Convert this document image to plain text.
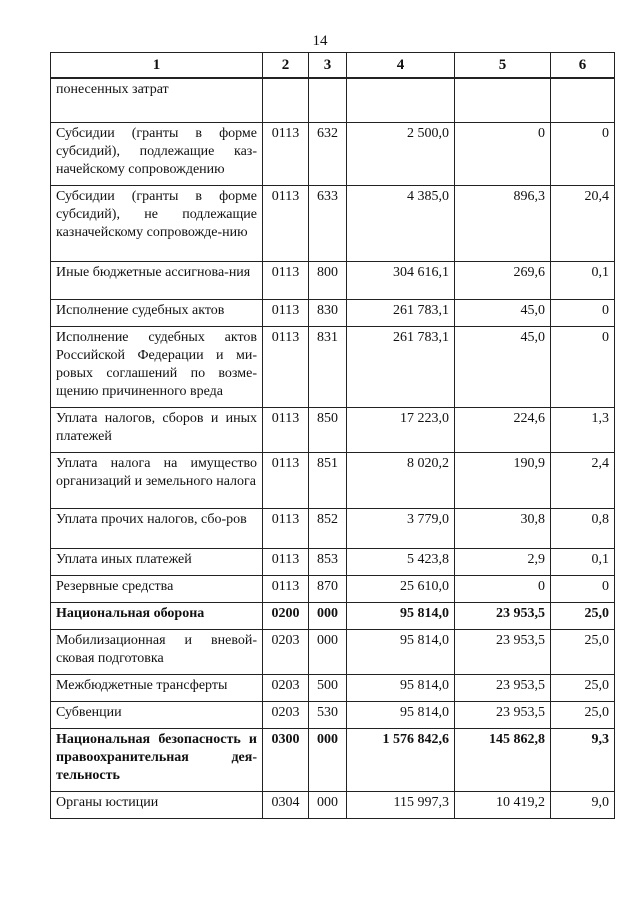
14
1	2	3	4	5	6
понесенных затрат					
Субсидии (гранты в форме субсидий), подлежащие каз-начейскому сопровождению	0113	632	2 500,0	0	0
Субсидии (гранты в форме субсидий), не подлежащие казначейскому сопровожде-нию	0113	633	4 385,0	896,3	20,4
Иные бюджетные ассигнова-ния	0113	800	304 616,1	269,6	0,1
Исполнение судебных актов	0113	830	261 783,1	45,0	0
Исполнение судебных актов Российской Федерации и ми-ровых соглашений по возме-щению причиненного вреда	0113	831	261 783,1	45,0	0
Уплата налогов, сборов и иных платежей	0113	850	17 223,0	224,6	1,3
Уплата налога на имущество организаций и земельного налога	0113	851	8 020,2	190,9	2,4
Уплата прочих налогов, сбо-ров	0113	852	3 779,0	30,8	0,8
Уплата иных платежей	0113	853	5 423,8	2,9	0,1
Резервные средства	0113	870	25 610,0	0	0
Национальная оборона	0200	000	95 814,0	23 953,5	25,0
Мобилизационная и вневой-сковая подготовка	0203	000	95 814,0	23 953,5	25,0
Межбюджетные трансферты	0203	500	95 814,0	23 953,5	25,0
Субвенции	0203	530	95 814,0	23 953,5	25,0
Национальная безопасность и правоохранительная дея-тельность	0300	000	1 576 842,6	145 862,8	9,3
Органы юстиции	0304	000	115 997,3	10 419,2	9,0
